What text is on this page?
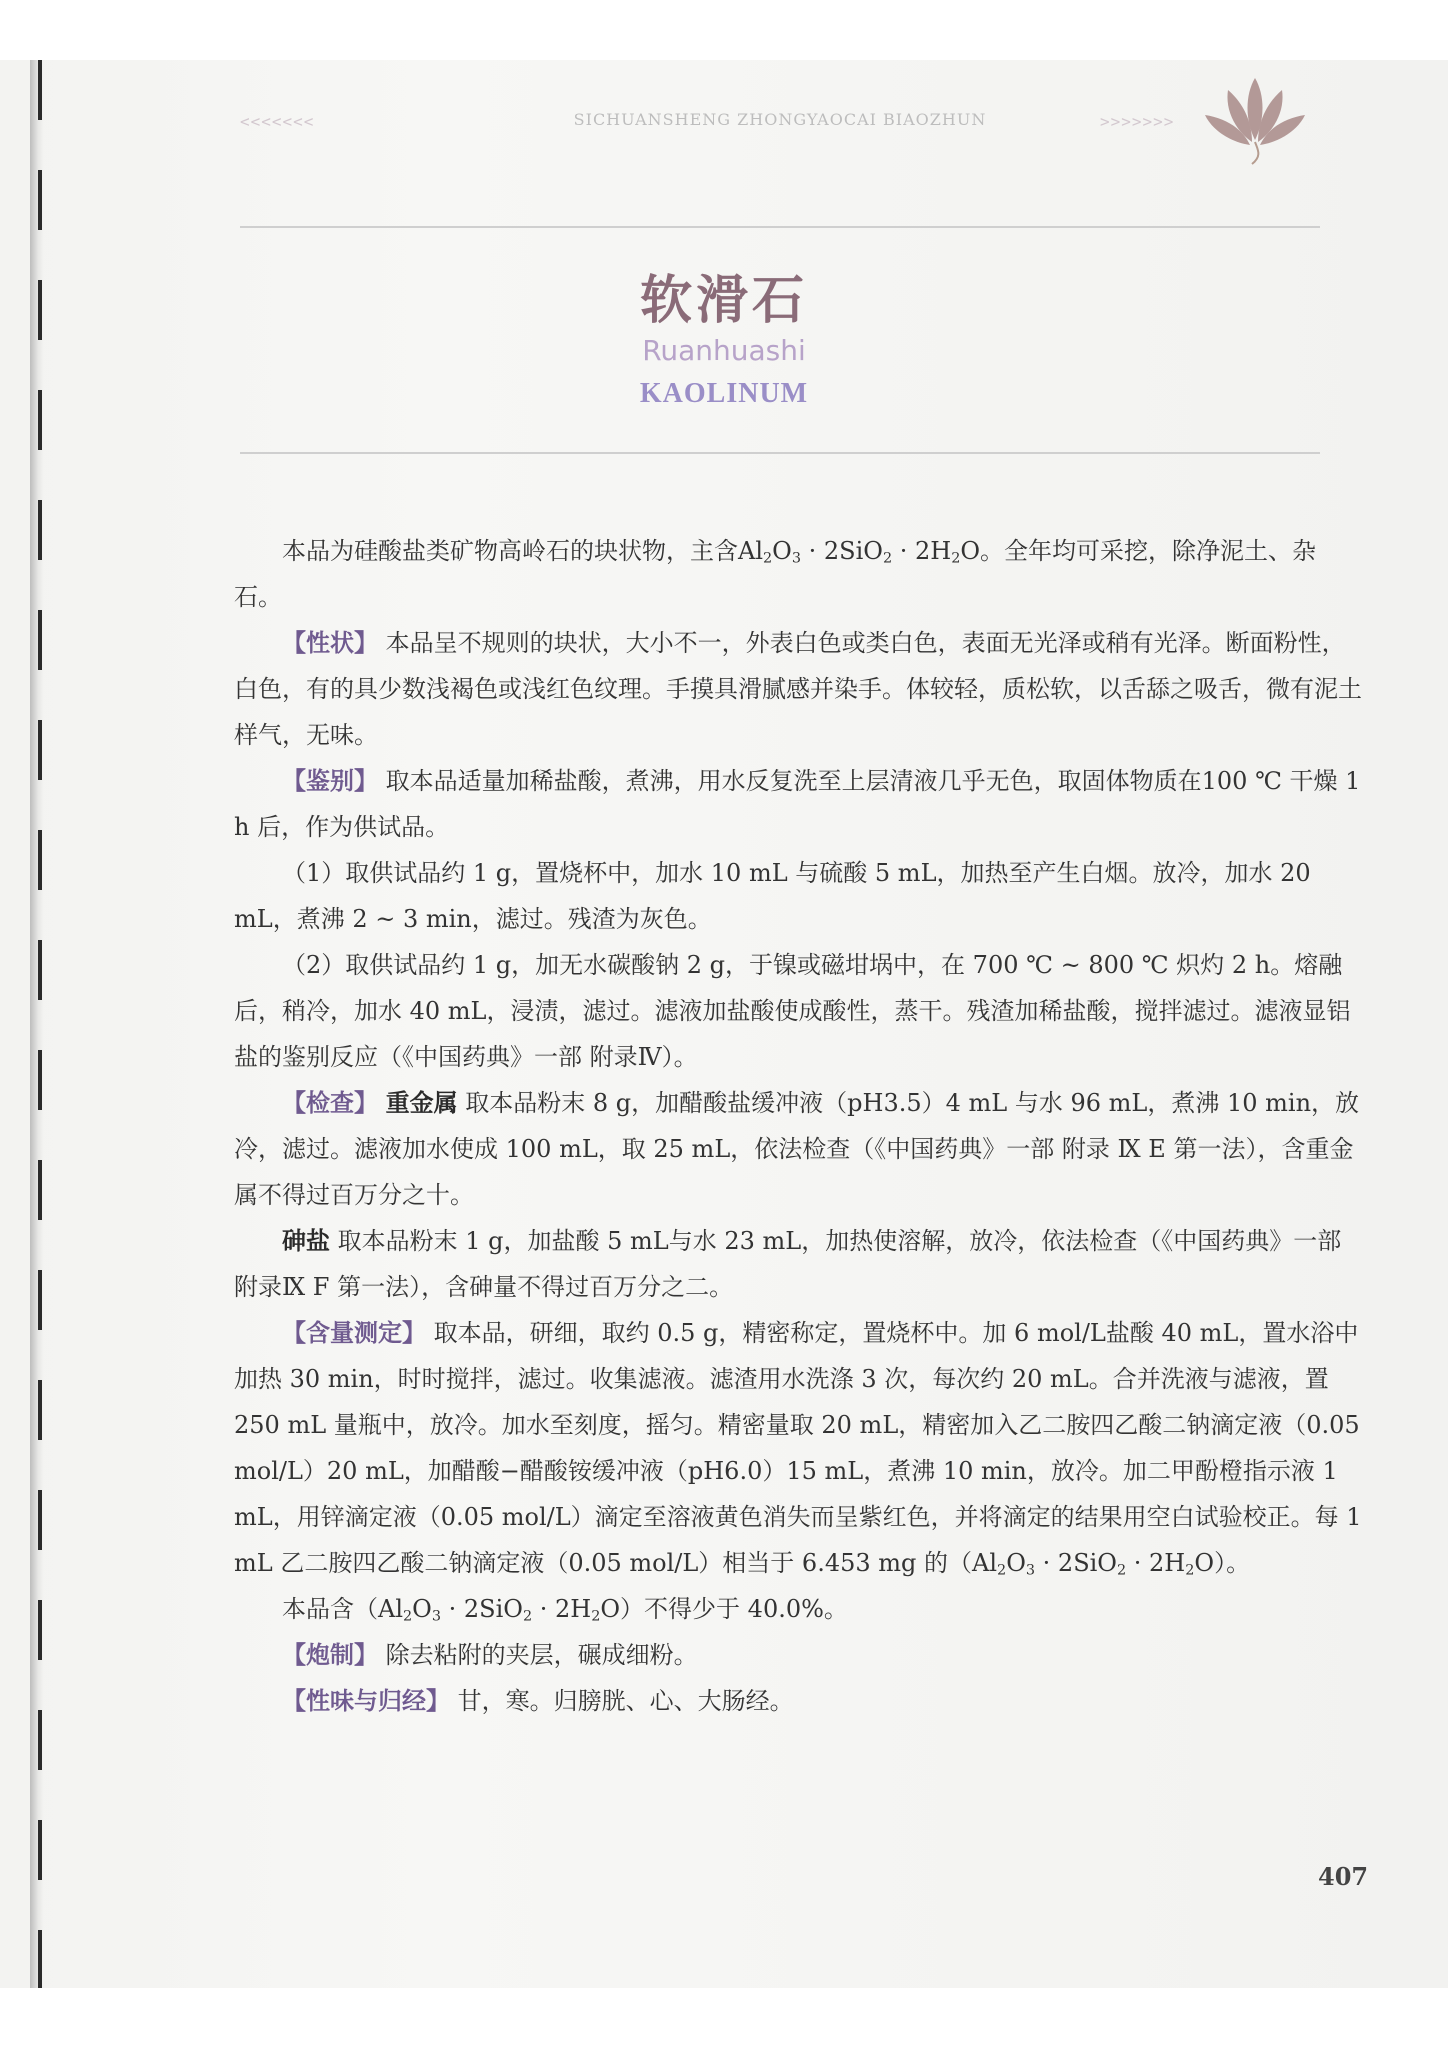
<<<<<<<	SICHUANSHENG ZHONGYAOCAI BIAOZHUN	>>>>>>>
软滑石
Ruanhuashi
KAOLINUM

本品为硅酸盐类矿物高岭石的块状物，主含$Al_2O_3 \cdot 2SiO_2 \cdot 2H_2O$。全年均可采挖，除净泥土、杂石。

【性状】 本品呈不规则的块状，大小不一，外表白色或类白色，表面无光泽或稍有光泽。断面粉性，白色，有的具少数浅褐色或浅红色纹理。手摸具滑腻感并染手。体较轻，质松软，以舌舔之吸舌，微有泥土样气，无味。

【鉴别】 取本品适量加稀盐酸，煮沸，用水反复洗至上层清液几乎无色，取固体物质在100 ℃ 干燥 1 h 后，作为供试品。

（1）取供试品约 1 g，置烧杯中，加水 10 mL 与硫酸 5 mL，加热至产生白烟。放冷，加水 20 mL，煮沸 2 ~ 3 min，滤过。残渣为灰色。

（2）取供试品约 1 g，加无水碳酸钠 2 g，于镍或磁坩埚中，在 700 ℃ ~ 800 ℃ 炽灼 2 h。熔融后，稍冷，加水 40 mL，浸渍，滤过。滤液加盐酸使成酸性，蒸干。残渣加稀盐酸，搅拌滤过。滤液显铝盐的鉴别反应（《中国药典》一部 附录Ⅳ）。

【检查】 重金属 取本品粉末 8 g，加醋酸盐缓冲液（pH3.5）4 mL 与水 96 mL，煮沸 10 min，放冷，滤过。滤液加水使成 100 mL，取 25 mL，依法检查（《中国药典》一部 附录 Ⅸ E 第一法），含重金属不得过百万分之十。

砷盐 取本品粉末 1 g，加盐酸 5 mL与水 23 mL，加热使溶解，放冷，依法检查（《中国药典》一部 附录Ⅸ F 第一法），含砷量不得过百万分之二。

【含量测定】 取本品，研细，取约 0.5 g，精密称定，置烧杯中。加 6 mol/L盐酸 40 mL，置水浴中加热 30 min，时时搅拌，滤过。收集滤液。滤渣用水洗涤 3 次，每次约 20 mL。合并洗液与滤液，置 250 mL 量瓶中，放冷。加水至刻度，摇匀。精密量取 20 mL，精密加入乙二胺四乙酸二钠滴定液（0.05 mol/L）20 mL，加醋酸−醋酸铵缓冲液（pH6.0）15 mL，煮沸 10 min，放冷。加二甲酚橙指示液 1 mL，用锌滴定液（0.05 mol/L）滴定至溶液黄色消失而呈紫红色，并将滴定的结果用空白试验校正。每 1 mL 乙二胺四乙酸二钠滴定液（0.05 mol/L）相当于 6.453 mg 的$(Al_2O_3 \cdot 2SiO_2 \cdot 2H_2O)$。

本品含$(Al_2O_3 \cdot 2SiO_2 \cdot 2H_2O)$不得少于 40.0%。

【炮制】 除去粘附的夹层，碾成细粉。

【性味与归经】 甘，寒。归膀胱、心、大肠经。

407
